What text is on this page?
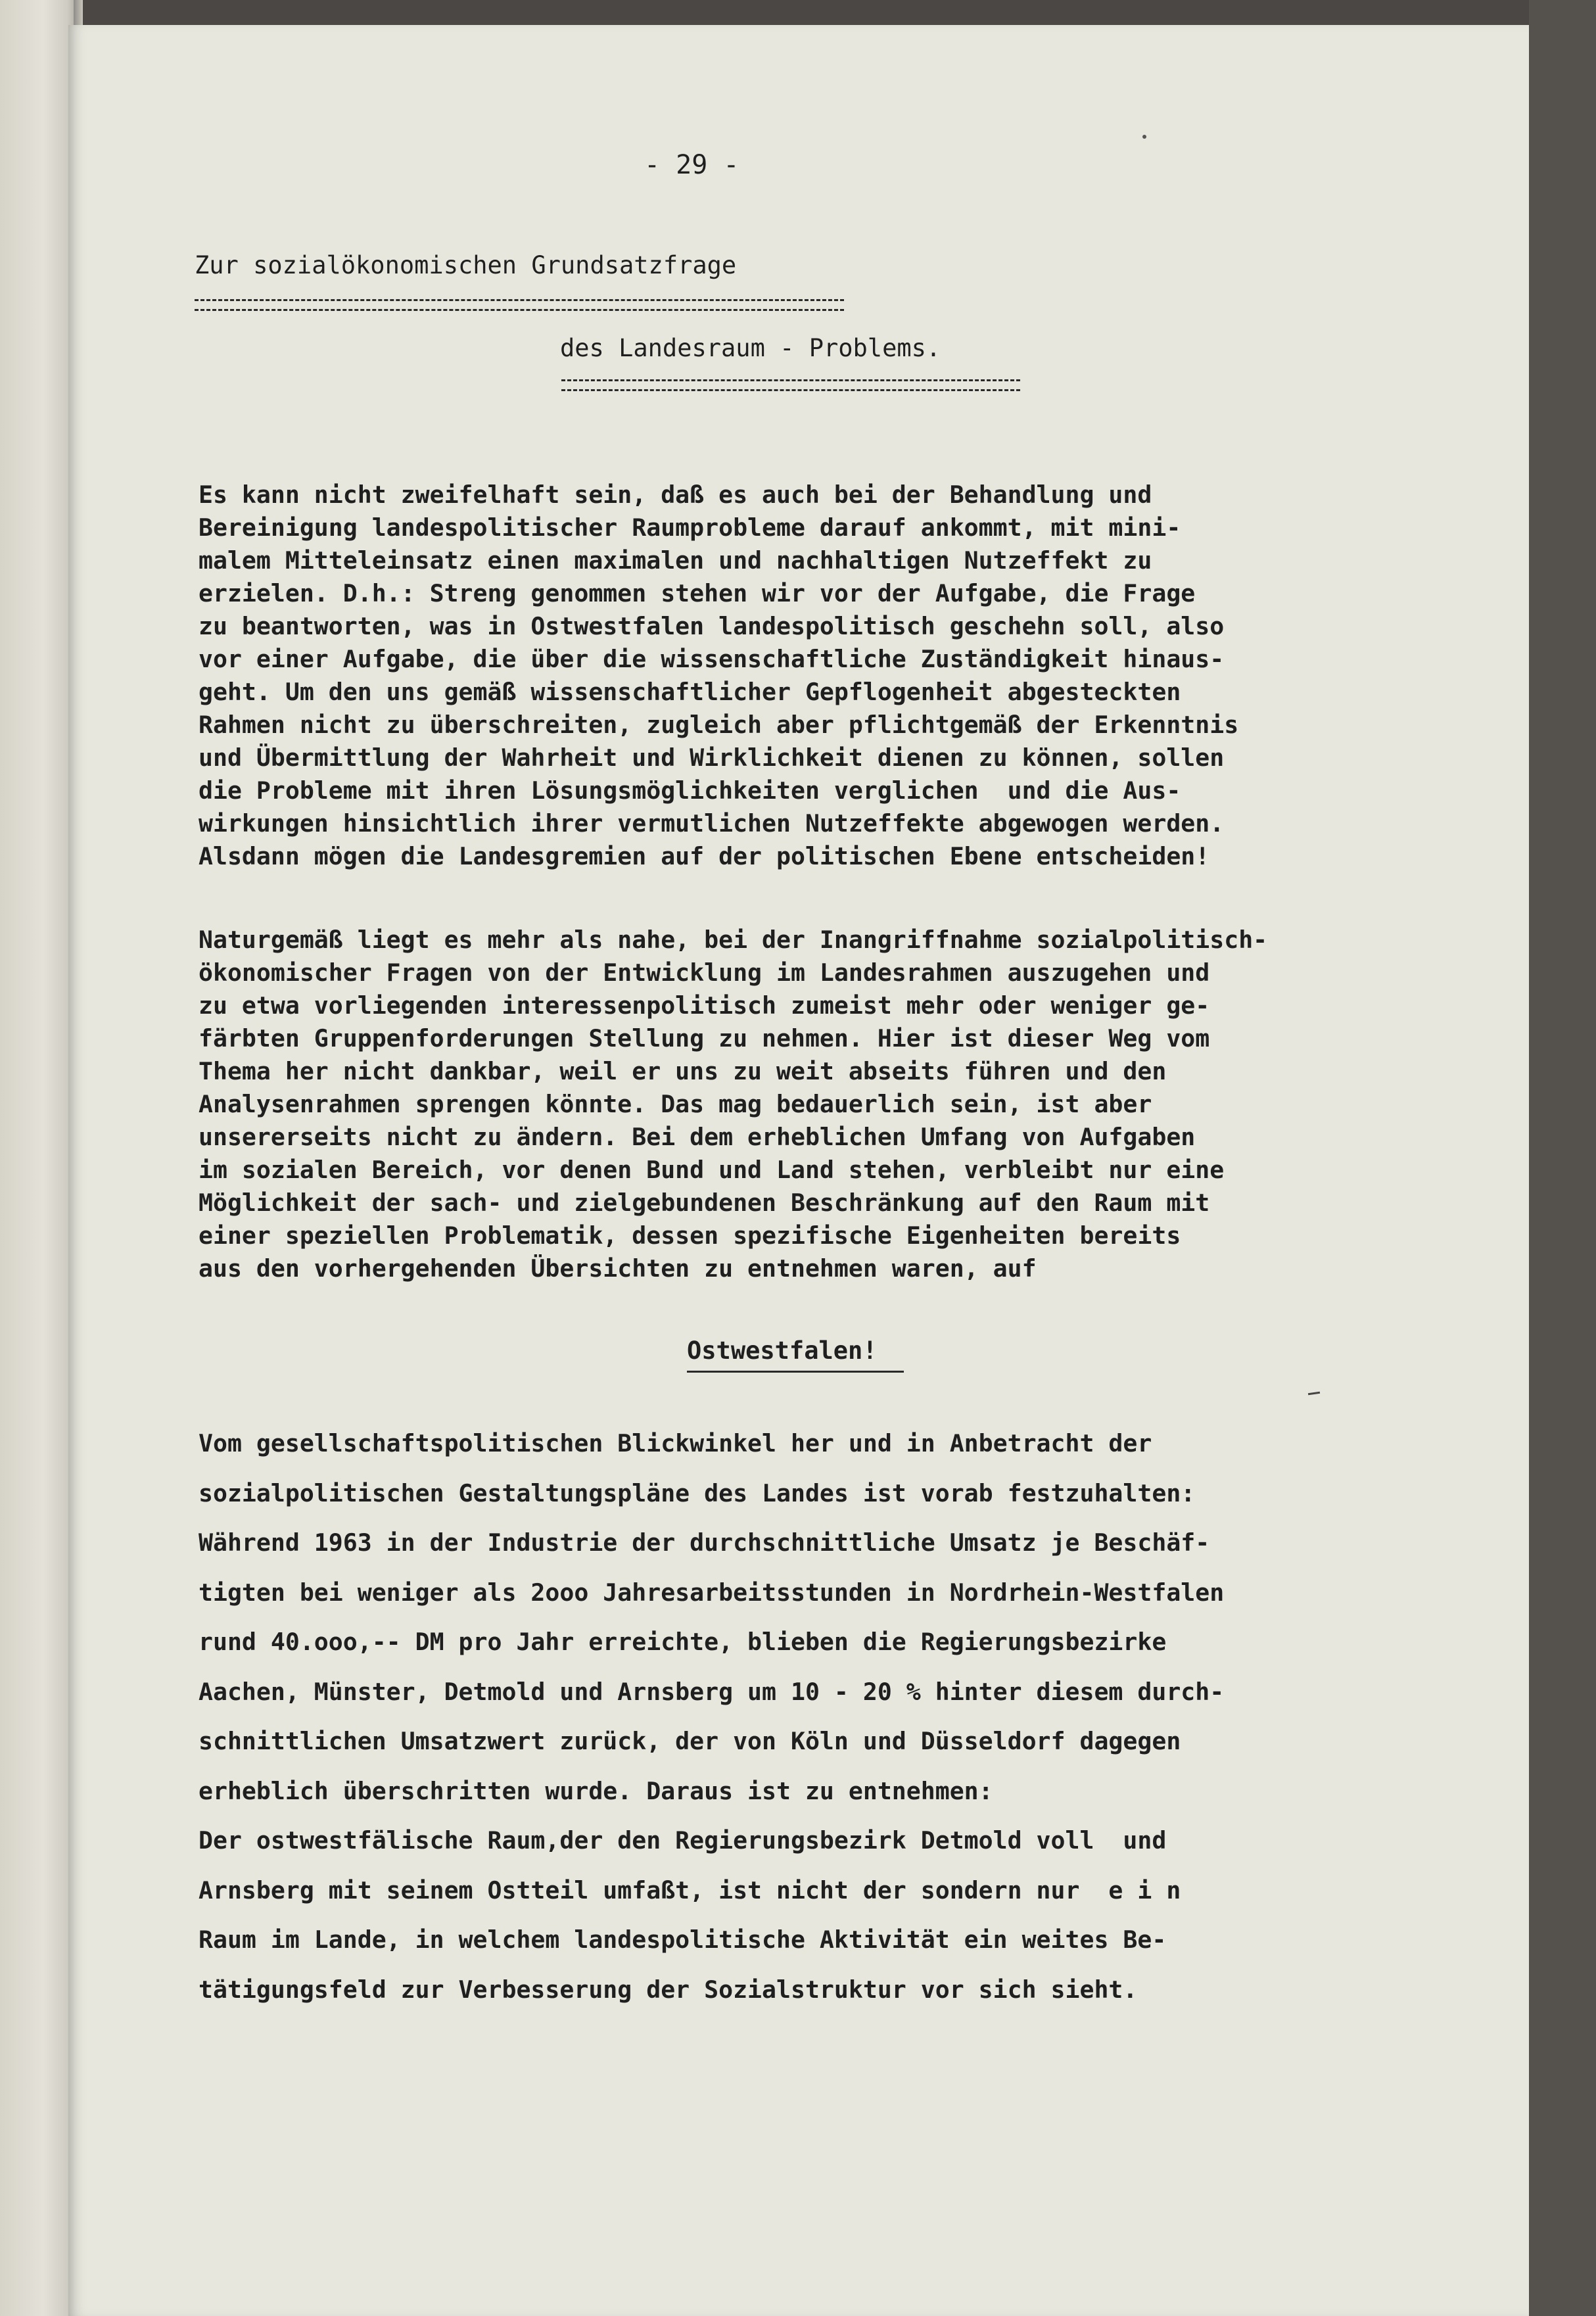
- 29 -
Zur sozialökonomischen Grundsatzfrage
des Landesraum - Problems.
Es kann nicht zweifelhaft sein, daß es auch bei der Behandlung und
Bereinigung landespolitischer Raumprobleme darauf ankommt, mit mini-
malem Mitteleinsatz einen maximalen und nachhaltigen Nutzeffekt zu
erzielen. D.h.: Streng genommen stehen wir vor der Aufgabe, die Frage
zu beantworten, was in Ostwestfalen landespolitisch geschehn soll, also
vor einer Aufgabe, die über die wissenschaftliche Zuständigkeit hinaus-
geht. Um den uns gemäß wissenschaftlicher Gepflogenheit abgesteckten
Rahmen nicht zu überschreiten, zugleich aber pflichtgemäß der Erkenntnis
und Übermittlung der Wahrheit und Wirklichkeit dienen zu können, sollen
die Probleme mit ihren Lösungsmöglichkeiten verglichen  und die Aus-
wirkungen hinsichtlich ihrer vermutlichen Nutzeffekte abgewogen werden.
Alsdann mögen die Landesgremien auf der politischen Ebene entscheiden!
Naturgemäß liegt es mehr als nahe, bei der Inangriffnahme sozialpolitisch-
ökonomischer Fragen von der Entwicklung im Landesrahmen auszugehen und
zu etwa vorliegenden interessenpolitisch zumeist mehr oder weniger ge-
färbten Gruppenforderungen Stellung zu nehmen. Hier ist dieser Weg vom
Thema her nicht dankbar, weil er uns zu weit abseits führen und den
Analysenrahmen sprengen könnte. Das mag bedauerlich sein, ist aber
unsererseits nicht zu ändern. Bei dem erheblichen Umfang von Aufgaben
im sozialen Bereich, vor denen Bund und Land stehen, verbleibt nur eine
Möglichkeit der sach- und zielgebundenen Beschränkung auf den Raum mit
einer speziellen Problematik, dessen spezifische Eigenheiten bereits
aus den vorhergehenden Übersichten zu entnehmen waren, auf
Ostwestfalen!
Vom gesellschaftspolitischen Blickwinkel her und in Anbetracht der
sozialpolitischen Gestaltungspläne des Landes ist vorab festzuhalten:
Während 1963 in der Industrie der durchschnittliche Umsatz je Beschäf-
tigten bei weniger als 2ooo Jahresarbeitsstunden in Nordrhein-Westfalen
rund 40.ooo,-- DM pro Jahr erreichte, blieben die Regierungsbezirke
Aachen, Münster, Detmold und Arnsberg um 10 - 20 % hinter diesem durch-
schnittlichen Umsatzwert zurück, der von Köln und Düsseldorf dagegen
erheblich überschritten wurde. Daraus ist zu entnehmen:
Der ostwestfälische Raum,der den Regierungsbezirk Detmold voll  und
Arnsberg mit seinem Ostteil umfaßt, ist nicht der sondern nur  e i n
Raum im Lande, in welchem landespolitische Aktivität ein weites Be-
tätigungsfeld zur Verbesserung der Sozialstruktur vor sich sieht.
